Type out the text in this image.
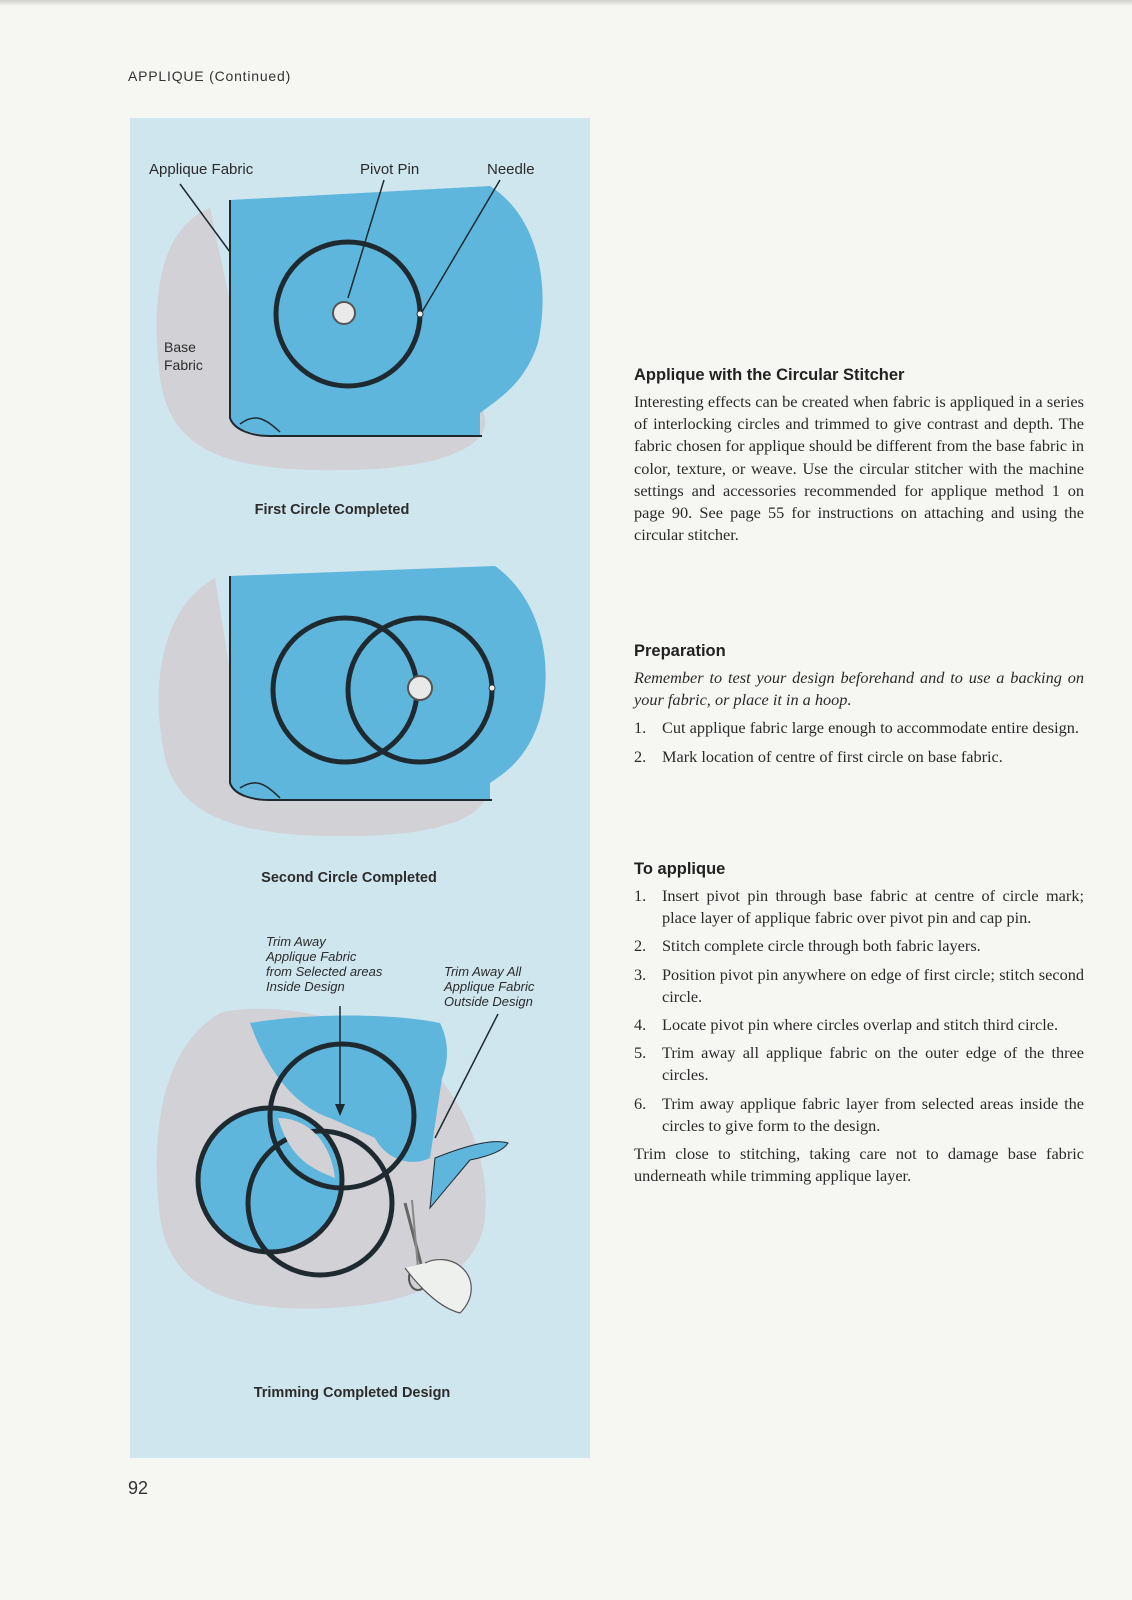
APPLIQUE (Continued)
Applique Fabric	Pivot Pin	Needle
Base
Fabric
First Circle Completed
Second Circle Completed
Trim Away
Applique Fabric
from Selected areas
Inside Design
Trim Away All
Applique Fabric
Outside Design
Trimming Completed Design
Applique with the Circular Stitcher

Interesting effects can be created when fabric is appliqued in a series of interlocking circles and trimmed to give contrast and depth. The fabric chosen for applique should be different from the base fabric in color, texture, or weave. Use the circular stitcher with the machine settings and accessories recommended for applique method 1 on page 90. See page 55 for instructions on attaching and using the circular stitcher.

Preparation

Remember to test your design beforehand and to use a backing on your fabric, or place it in a hoop.

1. Cut applique fabric large enough to accommodate entire design.
2. Mark location of centre of first circle on base fabric.
To applique
1. Insert pivot pin through base fabric at centre of circle mark; place layer of applique fabric over pivot pin and cap pin.
2. Stitch complete circle through both fabric layers.
3. Position pivot pin anywhere on edge of first circle; stitch second circle.
4. Locate pivot pin where circles overlap and stitch third circle.
5. Trim away all applique fabric on the outer edge of the three circles.
6. Trim away applique fabric layer from selected areas inside the circles to give form to the design.

Trim close to stitching, taking care not to damage base fabric underneath while trimming applique layer.

92
